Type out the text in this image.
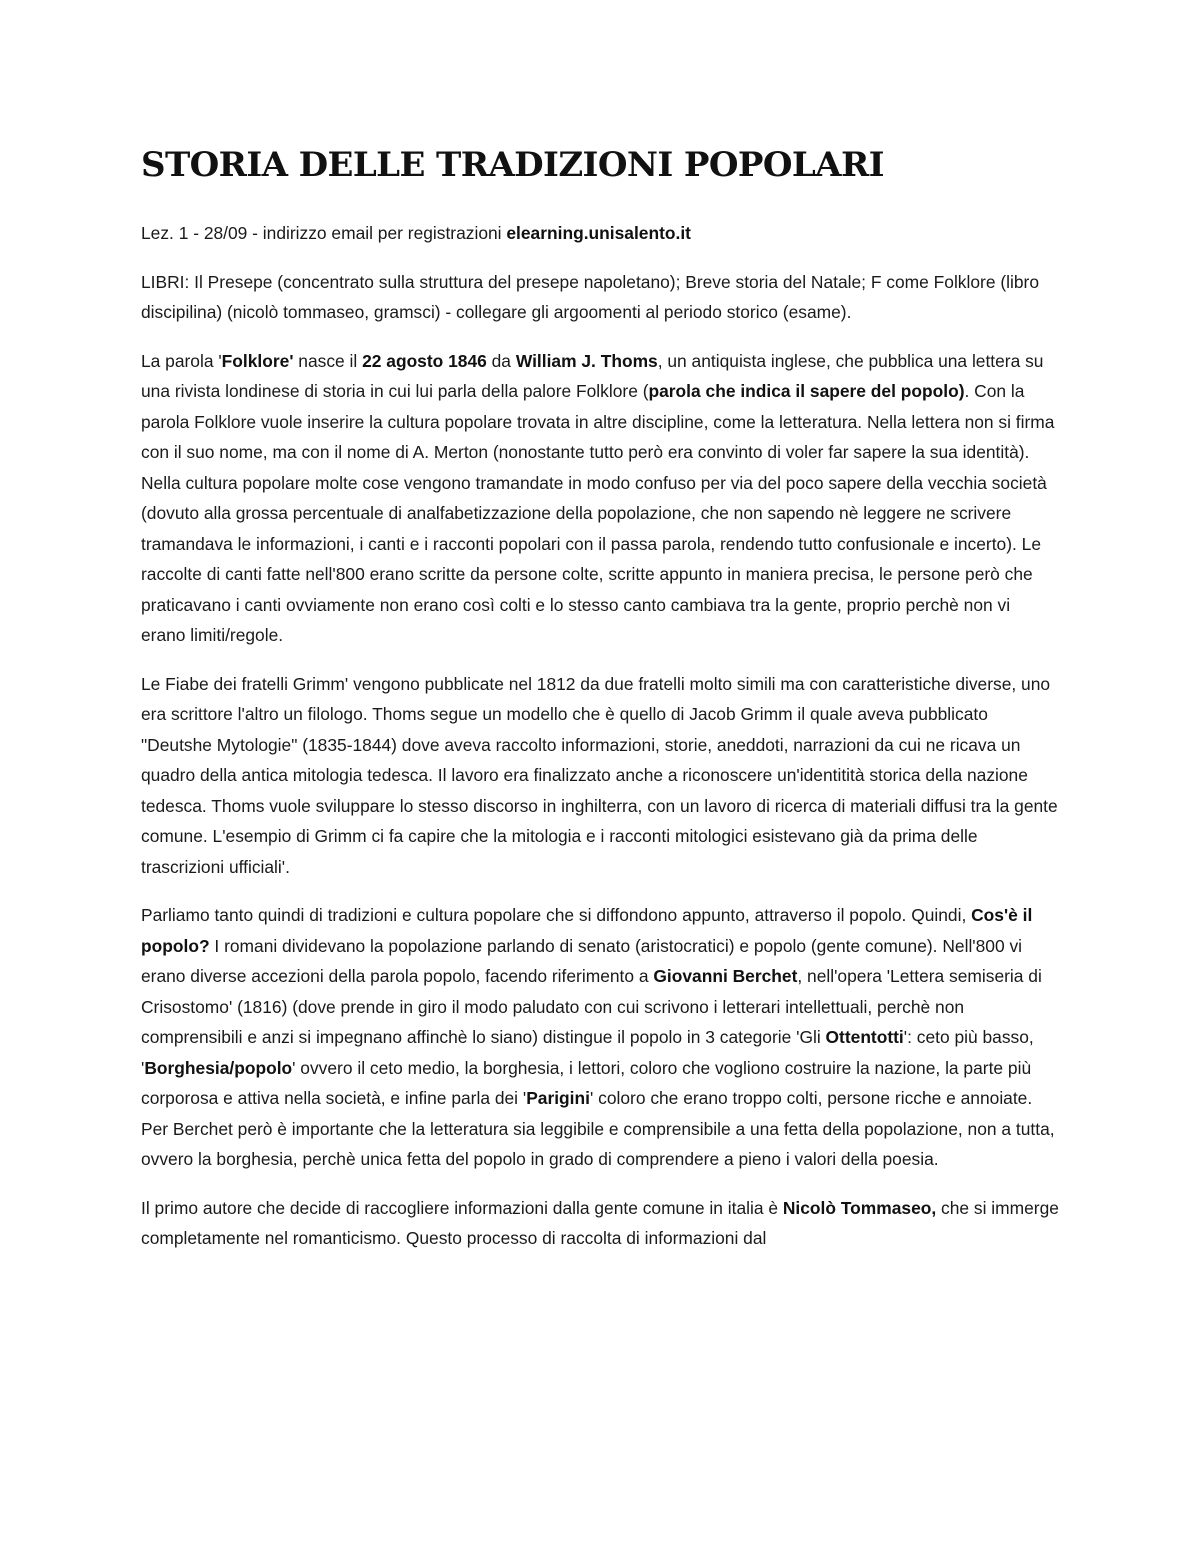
STORIA DELLE TRADIZIONI POPOLARI
Lez. 1 - 28/09 - indirizzo email per registrazioni elearning.unisalento.it

LIBRI: Il Presepe (concentrato sulla struttura del presepe napoletano); Breve storia del Natale; F come Folklore (libro discipilina) (nicolò tommaseo, gramsci) - collegare gli argoomenti al periodo storico (esame).

La parola 'Folklore' nasce il 22 agosto 1846 da William J. Thoms, un antiquista inglese, che pubblica una lettera su una rivista londinese di storia in cui lui parla della palore Folklore (parola che indica il sapere del popolo). Con la parola Folklore vuole inserire la cultura popolare trovata in altre discipline, come la letteratura. Nella lettera non si firma con il suo nome, ma con il nome di A. Merton (nonostante tutto però era convinto di voler far sapere la sua identità). Nella cultura popolare molte cose vengono tramandate in modo confuso per via del poco sapere della vecchia società (dovuto alla grossa percentuale di analfabetizzazione della popolazione, che non sapendo nè leggere ne scrivere tramandava le informazioni, i canti e i racconti popolari con il passa parola, rendendo tutto confusionale e incerto). Le raccolte di canti fatte nell'800 erano scritte da persone colte, scritte appunto in maniera precisa, le persone però che praticavano i canti ovviamente non erano così colti e lo stesso canto cambiava tra la gente, proprio perchè non vi erano limiti/regole.

Le Fiabe dei fratelli Grimm' vengono pubblicate nel 1812 da due fratelli molto simili ma con caratteristiche diverse, uno era scrittore l'altro un filologo. Thoms segue un modello che è quello di Jacob Grimm il quale aveva pubblicato "Deutshe Mytologie" (1835-1844) dove aveva raccolto informazioni, storie, aneddoti, narrazioni da cui ne ricava un quadro della antica mitologia tedesca. Il lavoro era finalizzato anche a riconoscere un'identitità storica della nazione tedesca. Thoms vuole sviluppare lo stesso discorso in inghilterra, con un lavoro di ricerca di materiali diffusi tra la gente comune. L'esempio di Grimm ci fa capire che la mitologia e i racconti mitologici esistevano già da prima delle trascrizioni ufficiali'.

Parliamo tanto quindi di tradizioni e cultura popolare che si diffondono appunto, attraverso il popolo. Quindi, Cos'è il popolo? I romani dividevano la popolazione parlando di senato (aristocratici) e popolo (gente comune). Nell'800 vi erano diverse accezioni della parola popolo, facendo riferimento a Giovanni Berchet, nell'opera 'Lettera semiseria di Crisostomo' (1816) (dove prende in giro il modo paludato con cui scrivono i letterari intellettuali, perchè non comprensibili e anzi si impegnano affinchè lo siano) distingue il popolo in 3 categorie 'Gli Ottentotti': ceto più basso, 'Borghesia/popolo' ovvero il ceto medio, la borghesia, i lettori, coloro che vogliono costruire la nazione, la parte più corporosa e attiva nella società, e infine parla dei 'Parigini' coloro che erano troppo colti, persone ricche e annoiate. Per Berchet però è importante che la letteratura sia leggibile e comprensibile a una fetta della popolazione, non a tutta, ovvero la borghesia, perchè unica fetta del popolo in grado di comprendere a pieno i valori della poesia.

Il primo autore che decide di raccogliere informazioni dalla gente comune in italia è Nicolò Tommaseo, che si immerge completamente nel romanticismo. Questo processo di raccolta di informazioni dal
